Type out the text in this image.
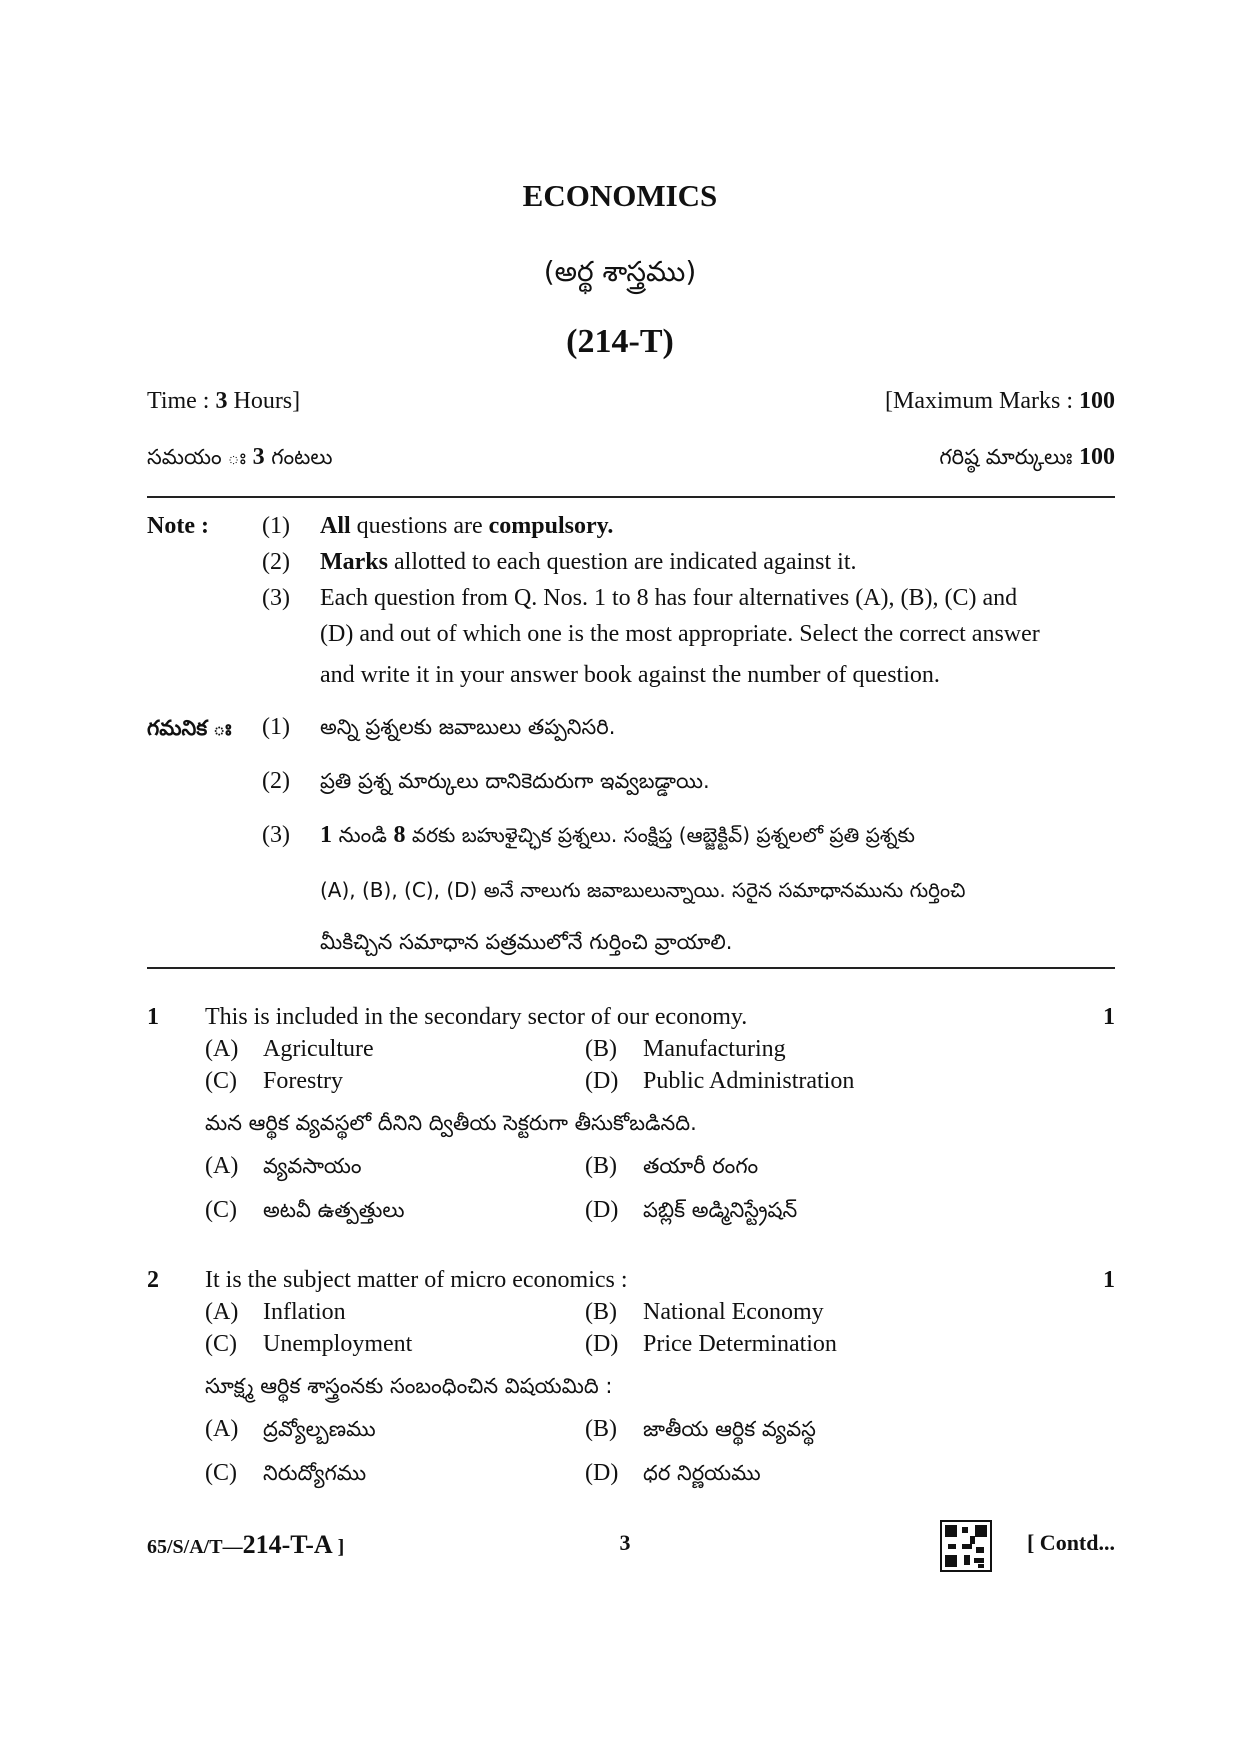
ECONOMICS
(అర్థ శాస్త్రము)
(214-T)
Time : 3 Hours]	[Maximum Marks : 100
సమయం ః 3 గంటలు	గరిష్ఠ మార్కులుః 100
Note : (1) All questions are compulsory.
(2) Marks allotted to each question are indicated against it.
(3) Each question from Q. Nos. 1 to 8 has four alternatives (A), (B), (C) and
(D) and out of which one is the most appropriate. Select the correct answer
and write it in your answer book against the number of question.
గమనిక ః (1) అన్ని ప్రశ్నలకు జవాబులు తప్పనిసరి.
(2) ప్రతి ప్రశ్న మార్కులు దానికెదురుగా ఇవ్వబడ్డాయి.
(3) 1 నుండి 8 వరకు బహుళైచ్ఛిక ప్రశ్నలు. సంక్షిప్త (ఆబ్జెక్టివ్) ప్రశ్నలలో ప్రతి ప్రశ్నకు
(A), (B), (C), (D) అనే నాలుగు జవాబులున్నాయి. సరైన సమాధానమును గుర్తించి
మీకిచ్చిన సమాధాన పత్రములోనే గుర్తించి వ్రాయాలి.
1 This is included in the secondary sector of our economy.	1
(A) Agriculture	(B) Manufacturing
(C) Forestry	(D) Public Administration
మన ఆర్థిక వ్యవస్థలో దీనిని ద్వితీయ సెక్టరుగా తీసుకోబడినది.
(A) వ్యవసాయం	(B) తయారీ రంగం
(C) అటవీ ఉత్పత్తులు	(D) పబ్లిక్ అడ్మినిస్ట్రేషన్
2 It is the subject matter of micro economics :	1
(A) Inflation	(B) National Economy
(C) Unemployment	(D) Price Determination
సూక్ష్మ ఆర్థిక శాస్త్రంనకు సంబంధించిన విషయమిది :
(A) ద్రవ్యోల్బణము	(B) జాతీయ ఆర్థిక వ్యవస్థ
(C) నిరుద్యోగము	(D) ధర నిర్ణయము
65/S/A/T—214-T-A ]	3	[ Contd...
